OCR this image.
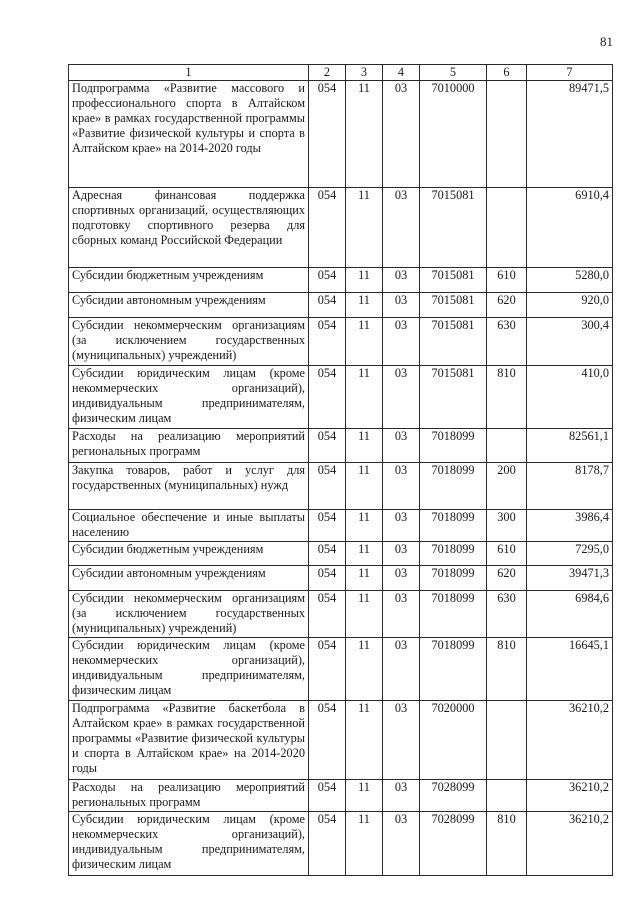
81
1	2	3	4	5	6	7
Подпрограмма «Развитие массового и профессионального спорта в Алтайском крае» в рамках государственной программы «Развитие физической культуры и спорта в Алтайском крае» на 2014-2020 годы	054	11	03	7010000		89471,5
Адресная финансовая поддержка спортивных организаций, осуществляющих подготовку спортивного резерва для сборных команд Российской Федерации	054	11	03	7015081		6910,4
Субсидии бюджетным учреждениям	054	11	03	7015081	610	5280,0
Субсидии автономным учреждениям	054	11	03	7015081	620	920,0
Субсидии некоммерческим организациям (за исключением государственных (муниципальных) учреждений)	054	11	03	7015081	630	300,4
Субсидии юридическим лицам (кроме некоммерческих организаций), индивидуальным предпринимателям, физическим лицам	054	11	03	7015081	810	410,0
Расходы на реализацию мероприятий региональных программ	054	11	03	7018099		82561,1
Закупка товаров, работ и услуг для государственных (муниципальных) нужд	054	11	03	7018099	200	8178,7
Социальное обеспечение и иные выплаты населению	054	11	03	7018099	300	3986,4
Субсидии бюджетным учреждениям	054	11	03	7018099	610	7295,0
Субсидии автономным учреждениям	054	11	03	7018099	620	39471,3
Субсидии некоммерческим организациям (за исключением государственных (муниципальных) учреждений)	054	11	03	7018099	630	6984,6
Субсидии юридическим лицам (кроме некоммерческих организаций), индивидуальным предпринимателям, физическим лицам	054	11	03	7018099	810	16645,1
Подпрограмма «Развитие баскетбола в Алтайском крае» в рамках государственной программы «Развитие физической культуры и спорта в Алтайском крае» на 2014-2020 годы	054	11	03	7020000		36210,2
Расходы на реализацию мероприятий региональных программ	054	11	03	7028099		36210,2
Субсидии юридическим лицам (кроме некоммерческих организаций), индивидуальным предпринимателям, физическим лицам	054	11	03	7028099	810	36210,2
